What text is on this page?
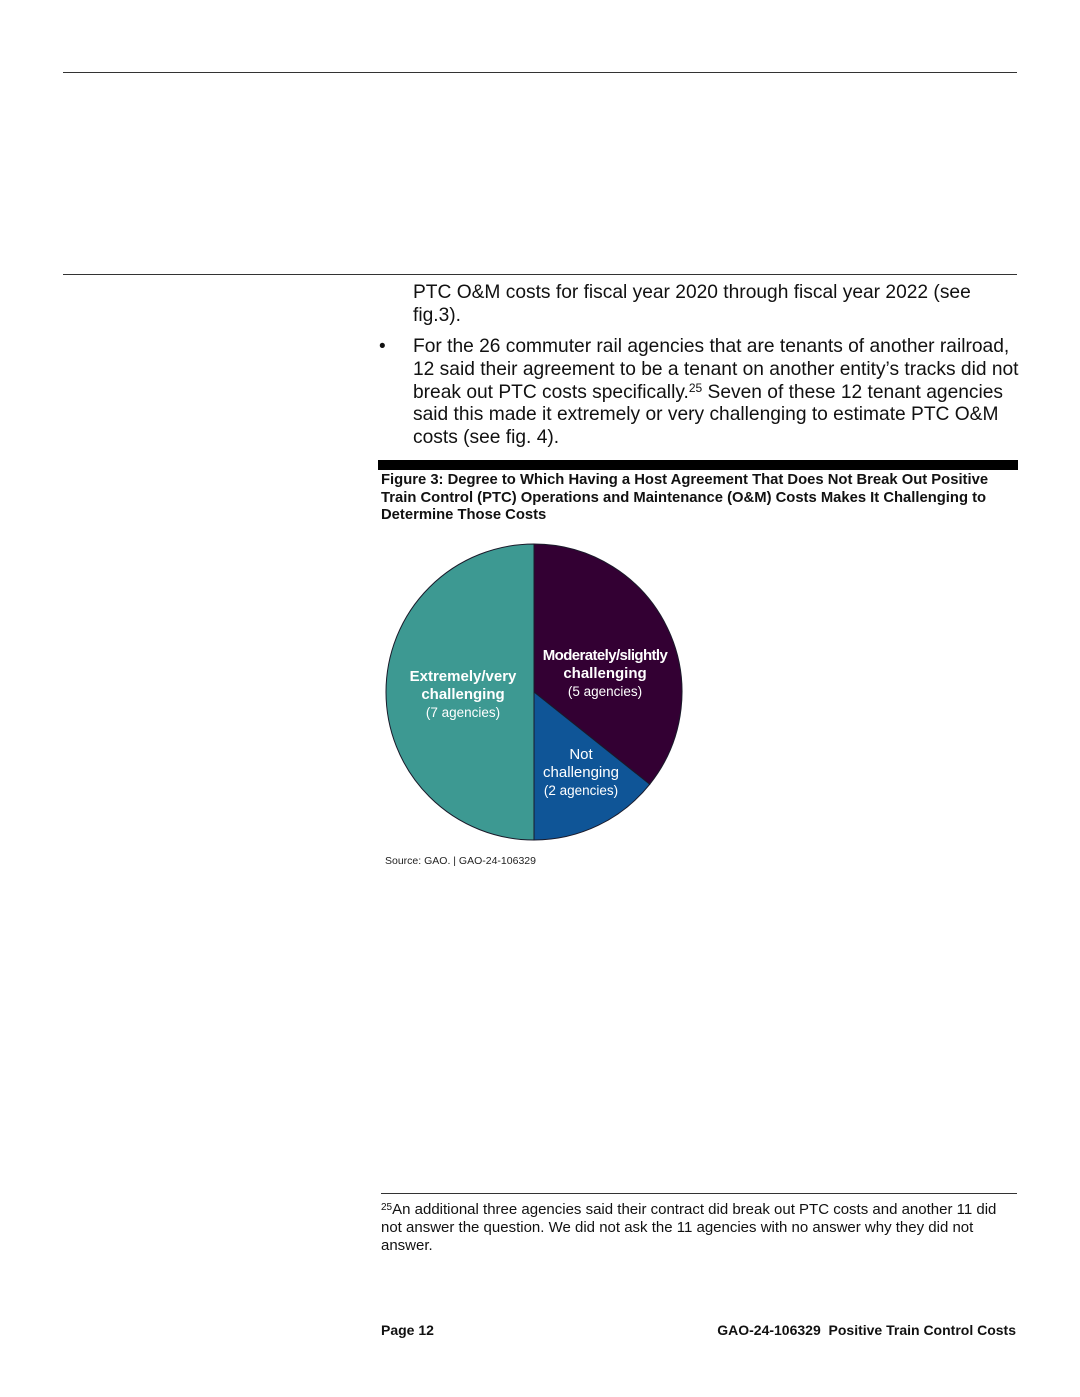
PTC O&M costs for fiscal year 2020 through fiscal year 2022 (see fig.3).
• For the 26 commuter rail agencies that are tenants of another railroad, 12 said their agreement to be a tenant on another entity’s tracks did not break out PTC costs specifically.$^{25}$ Seven of these 12 tenant agencies said this made it extremely or very challenging to estimate PTC O&M costs (see fig. 4).
Figure 3: Degree to Which Having a Host Agreement That Does Not Break Out Positive Train Control (PTC) Operations and Maintenance (O&M) Costs Makes It Challenging to Determine Those Costs
Moderately/slightly challenging (5 agencies)
Not challenging (2 agencies)
Extremely/very challenging (7 agencies)
Source: GAO. | GAO-24-106329
$^{25}$An additional three agencies said their contract did break out PTC costs and another 11 did not answer the question. We did not ask the 11 agencies with no answer why they did not answer.
Page 12	GAO-24-106329  Positive Train Control Costs
